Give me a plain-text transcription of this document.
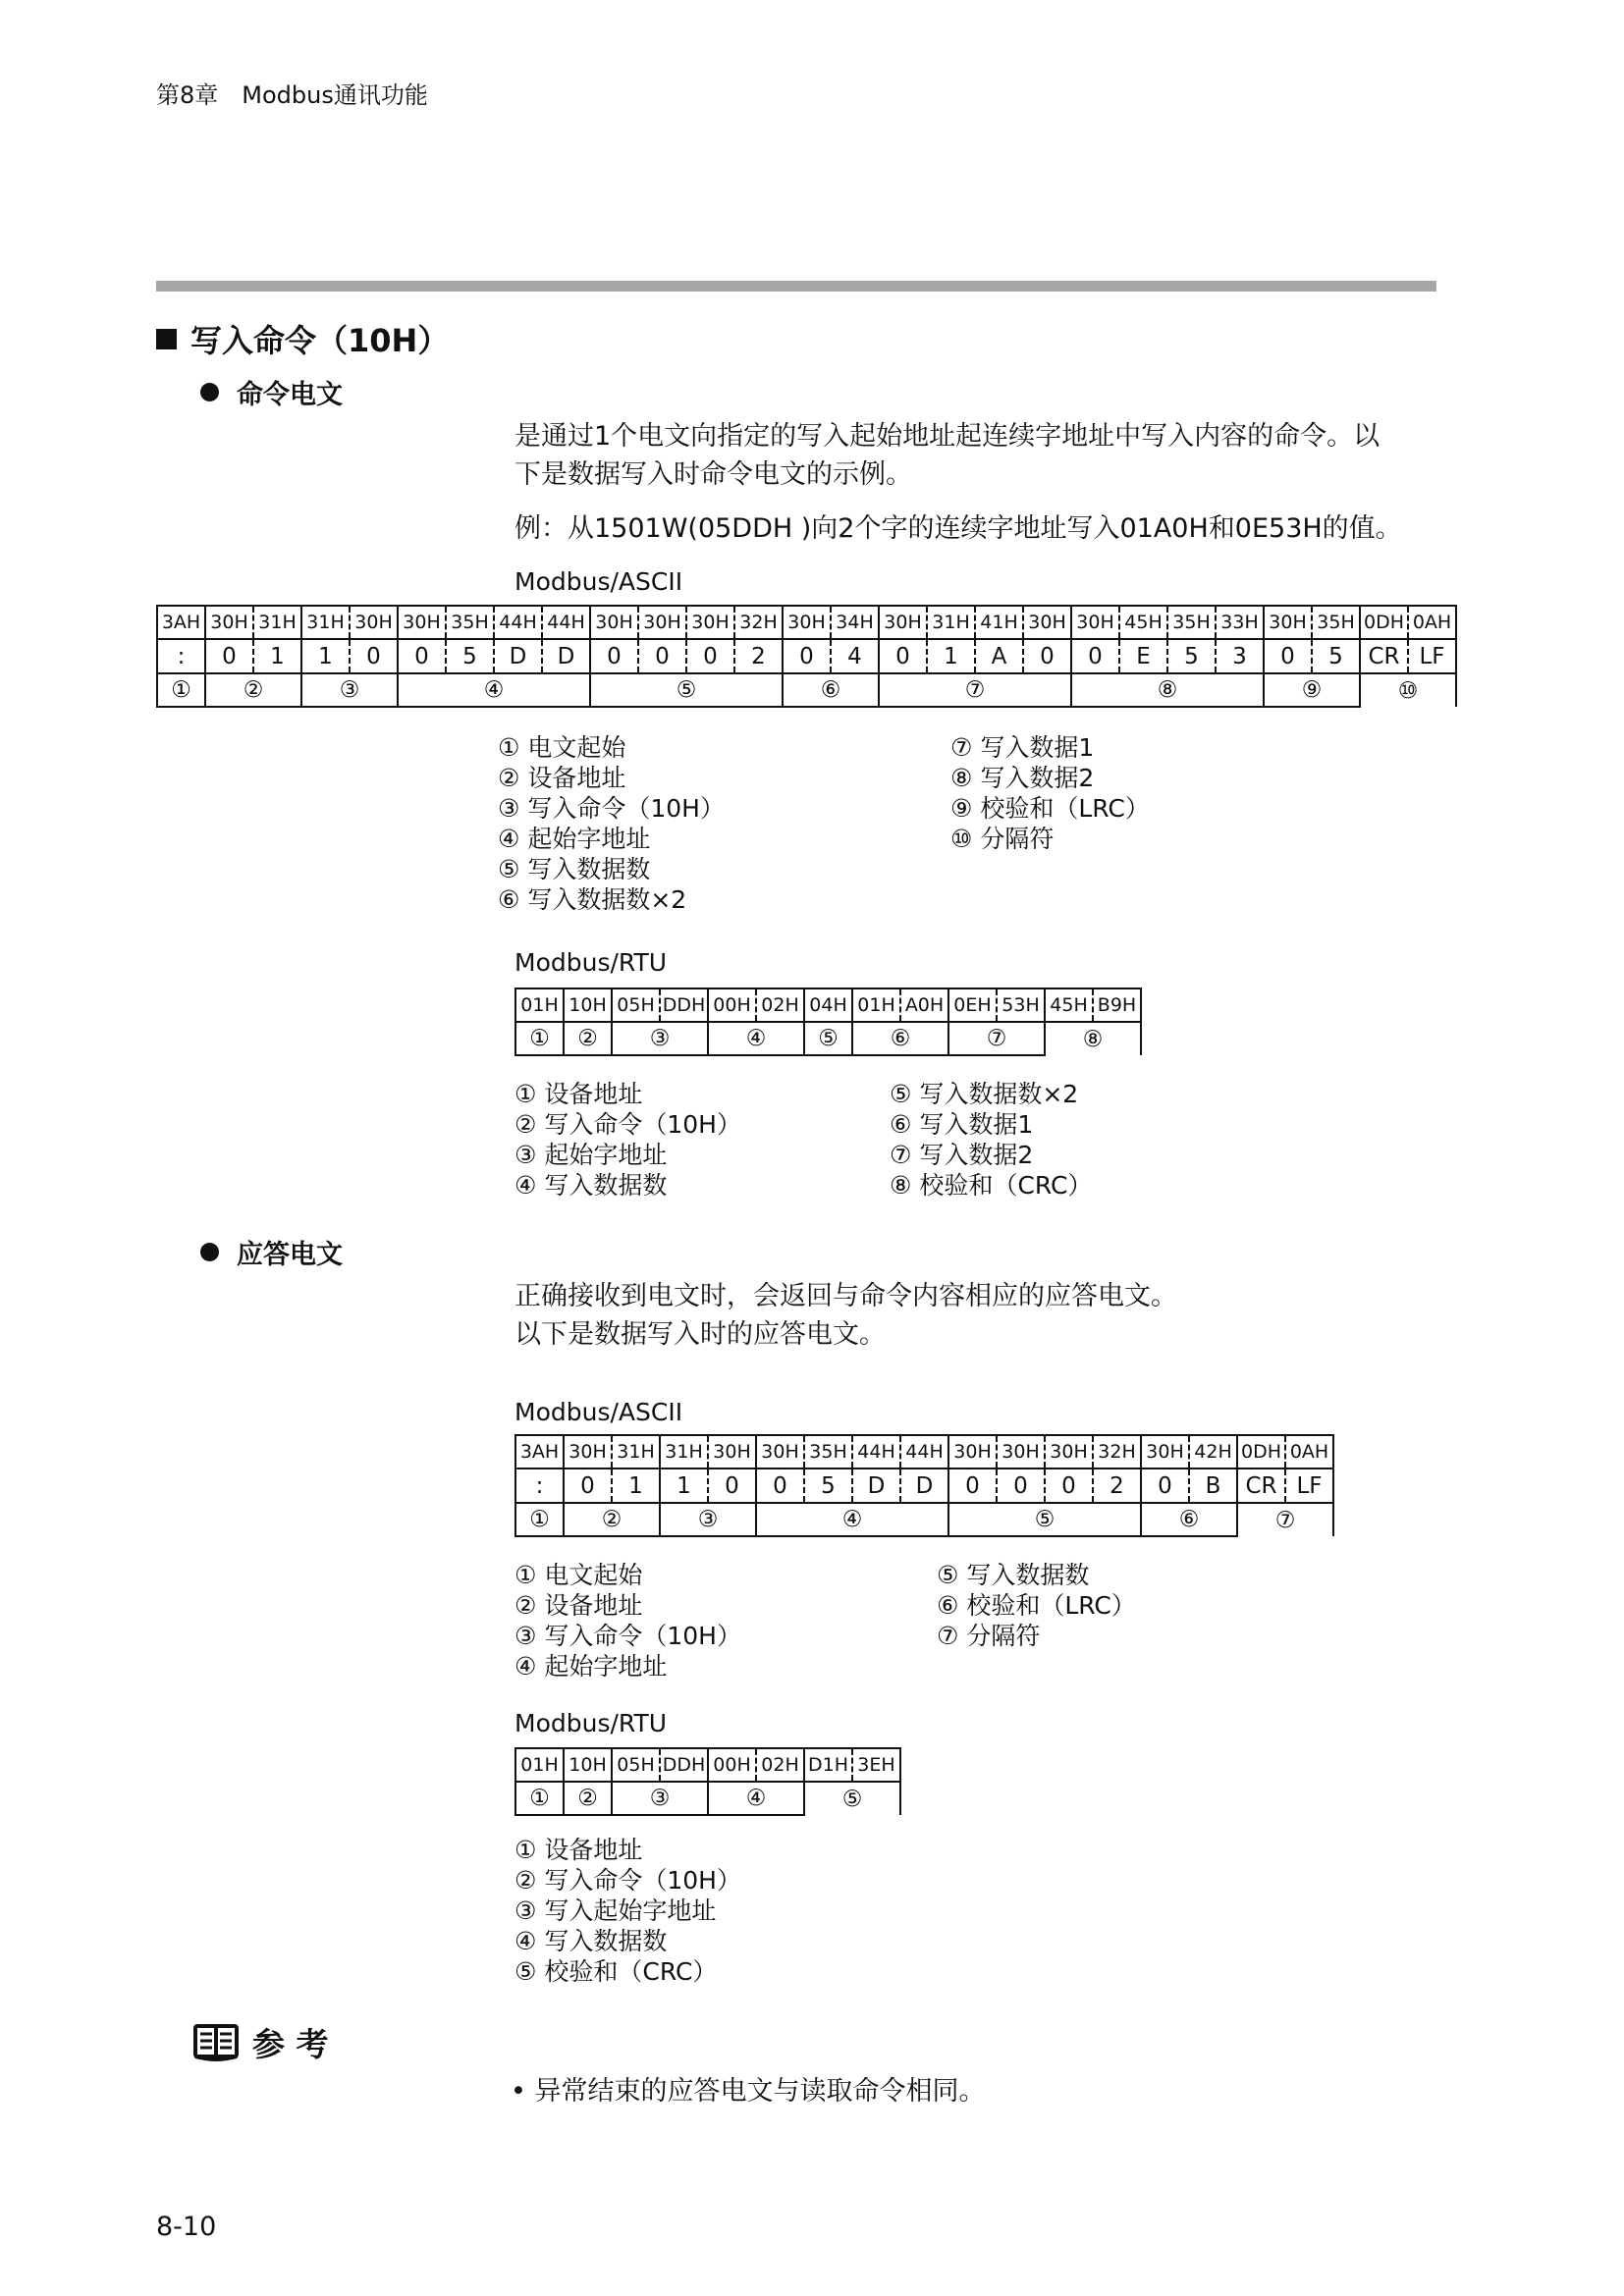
第8章　Modbus通讯功能
写入命令（10H）
命令电文
是通过1个电文向指定的写入起始地址起连续字地址中写入内容的命令。以
下是数据写入时命令电文的示例。
例：从1501W(05DDH )向2个字的连续字地址写入01A0H和0E53H的值。
Modbus/ASCII
3AH	30H	31H	31H	30H	30H	35H	44H	44H	30H	30H	30H	32H	30H	34H	30H	31H	41H	30H	30H	45H	35H	33H	30H	35H	0DH	0AH
:	0	1	1	0	0	5	D	D	0	0	0	2	0	4	0	1	A	0	0	E	5	3	0	5	CR	LF
①	②		③		④				⑤				⑥		⑦				⑧				⑨		⑩	
① 电文起始
② 设备地址
③ 写入命令（10H）
④ 起始字地址
⑤ 写入数据数
⑥ 写入数据数×2
⑦ 写入数据1
⑧ 写入数据2
⑨ 校验和（LRC）
⑩ 分隔符
Modbus/RTU
01H	10H	05H	DDH	00H	02H	04H	01H	A0H	0EH	53H	45H	B9H
①	②	③		④		⑤	⑥		⑦		⑧	
① 设备地址
② 写入命令（10H）
③ 起始字地址
④ 写入数据数
⑤ 写入数据数×2
⑥ 写入数据1
⑦ 写入数据2
⑧ 校验和（CRC）
应答电文
正确接收到电文时，会返回与命令内容相应的应答电文。
以下是数据写入时的应答电文。
Modbus/ASCII
3AH	30H	31H	31H	30H	30H	35H	44H	44H	30H	30H	30H	32H	30H	42H	0DH	0AH
:	0	1	1	0	0	5	D	D	0	0	0	2	0	B	CR	LF
①	②		③		④				⑤				⑥		⑦	
① 电文起始
② 设备地址
③ 写入命令（10H）
④ 起始字地址
⑤ 写入数据数
⑥ 校验和（LRC）
⑦ 分隔符
Modbus/RTU
01H	10H	05H	DDH	00H	02H	D1H	3EH
①	②	③		④		⑤	
① 设备地址
② 写入命令（10H）
③ 写入起始字地址
④ 写入数据数
⑤ 校验和（CRC）
参 考
• 异常结束的应答电文与读取命令相同。
8-10
